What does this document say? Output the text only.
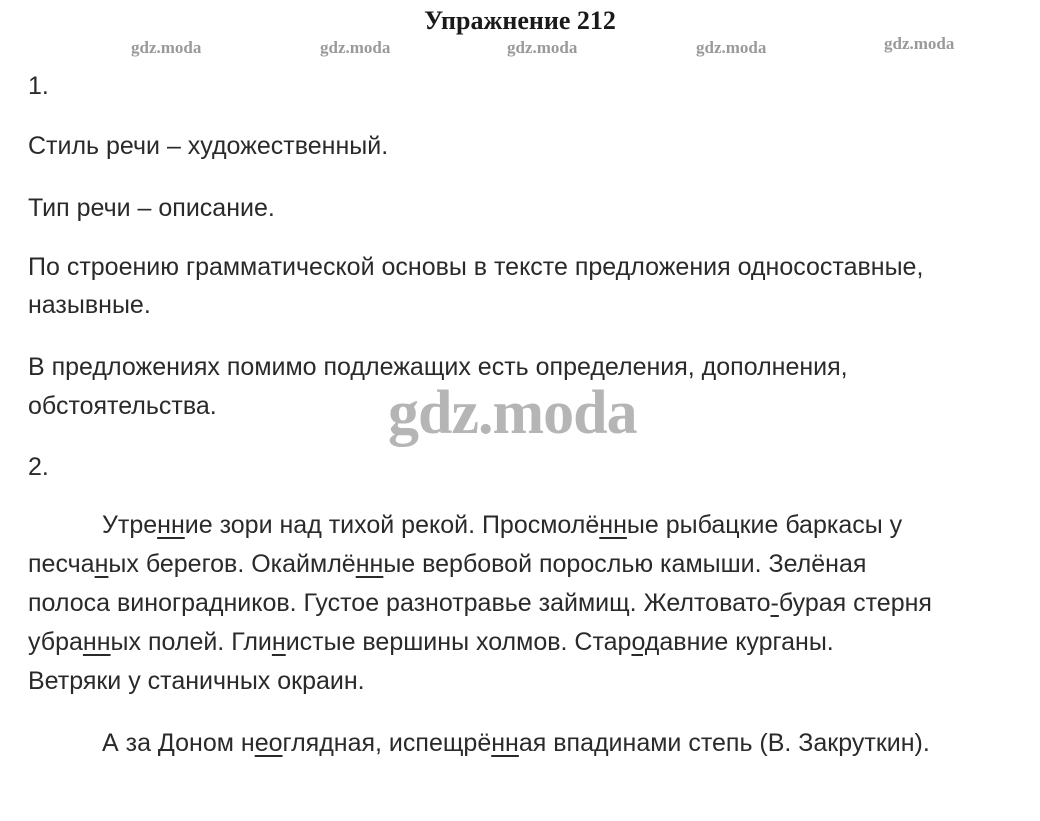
Упражнение 212
gdz.moda	gdz.moda	gdz.moda	gdz.moda	gdz.moda
1.
Стиль речи – художественный.
Тип речи – описание.
По строению грамматической основы в тексте предложения односоставные,
назывные.
В предложениях помимо подлежащих есть определения, дополнения,
обстоятельства.	gdz.moda
2.
Утренние зори над тихой рекой. Просмолённые рыбацкие баркасы у
песчаных берегов. Окаймлённые вербовой порослью камыши. Зелёная
полоса виноградников. Густое разнотравье займищ. Желтовато-бурая стерня
убранных полей. Глинистые вершины холмов. Стародавние курганы.
Ветряки у станичных окраин.
А за Доном неоглядная, испещрённая впадинами степь (В. Закруткин).
